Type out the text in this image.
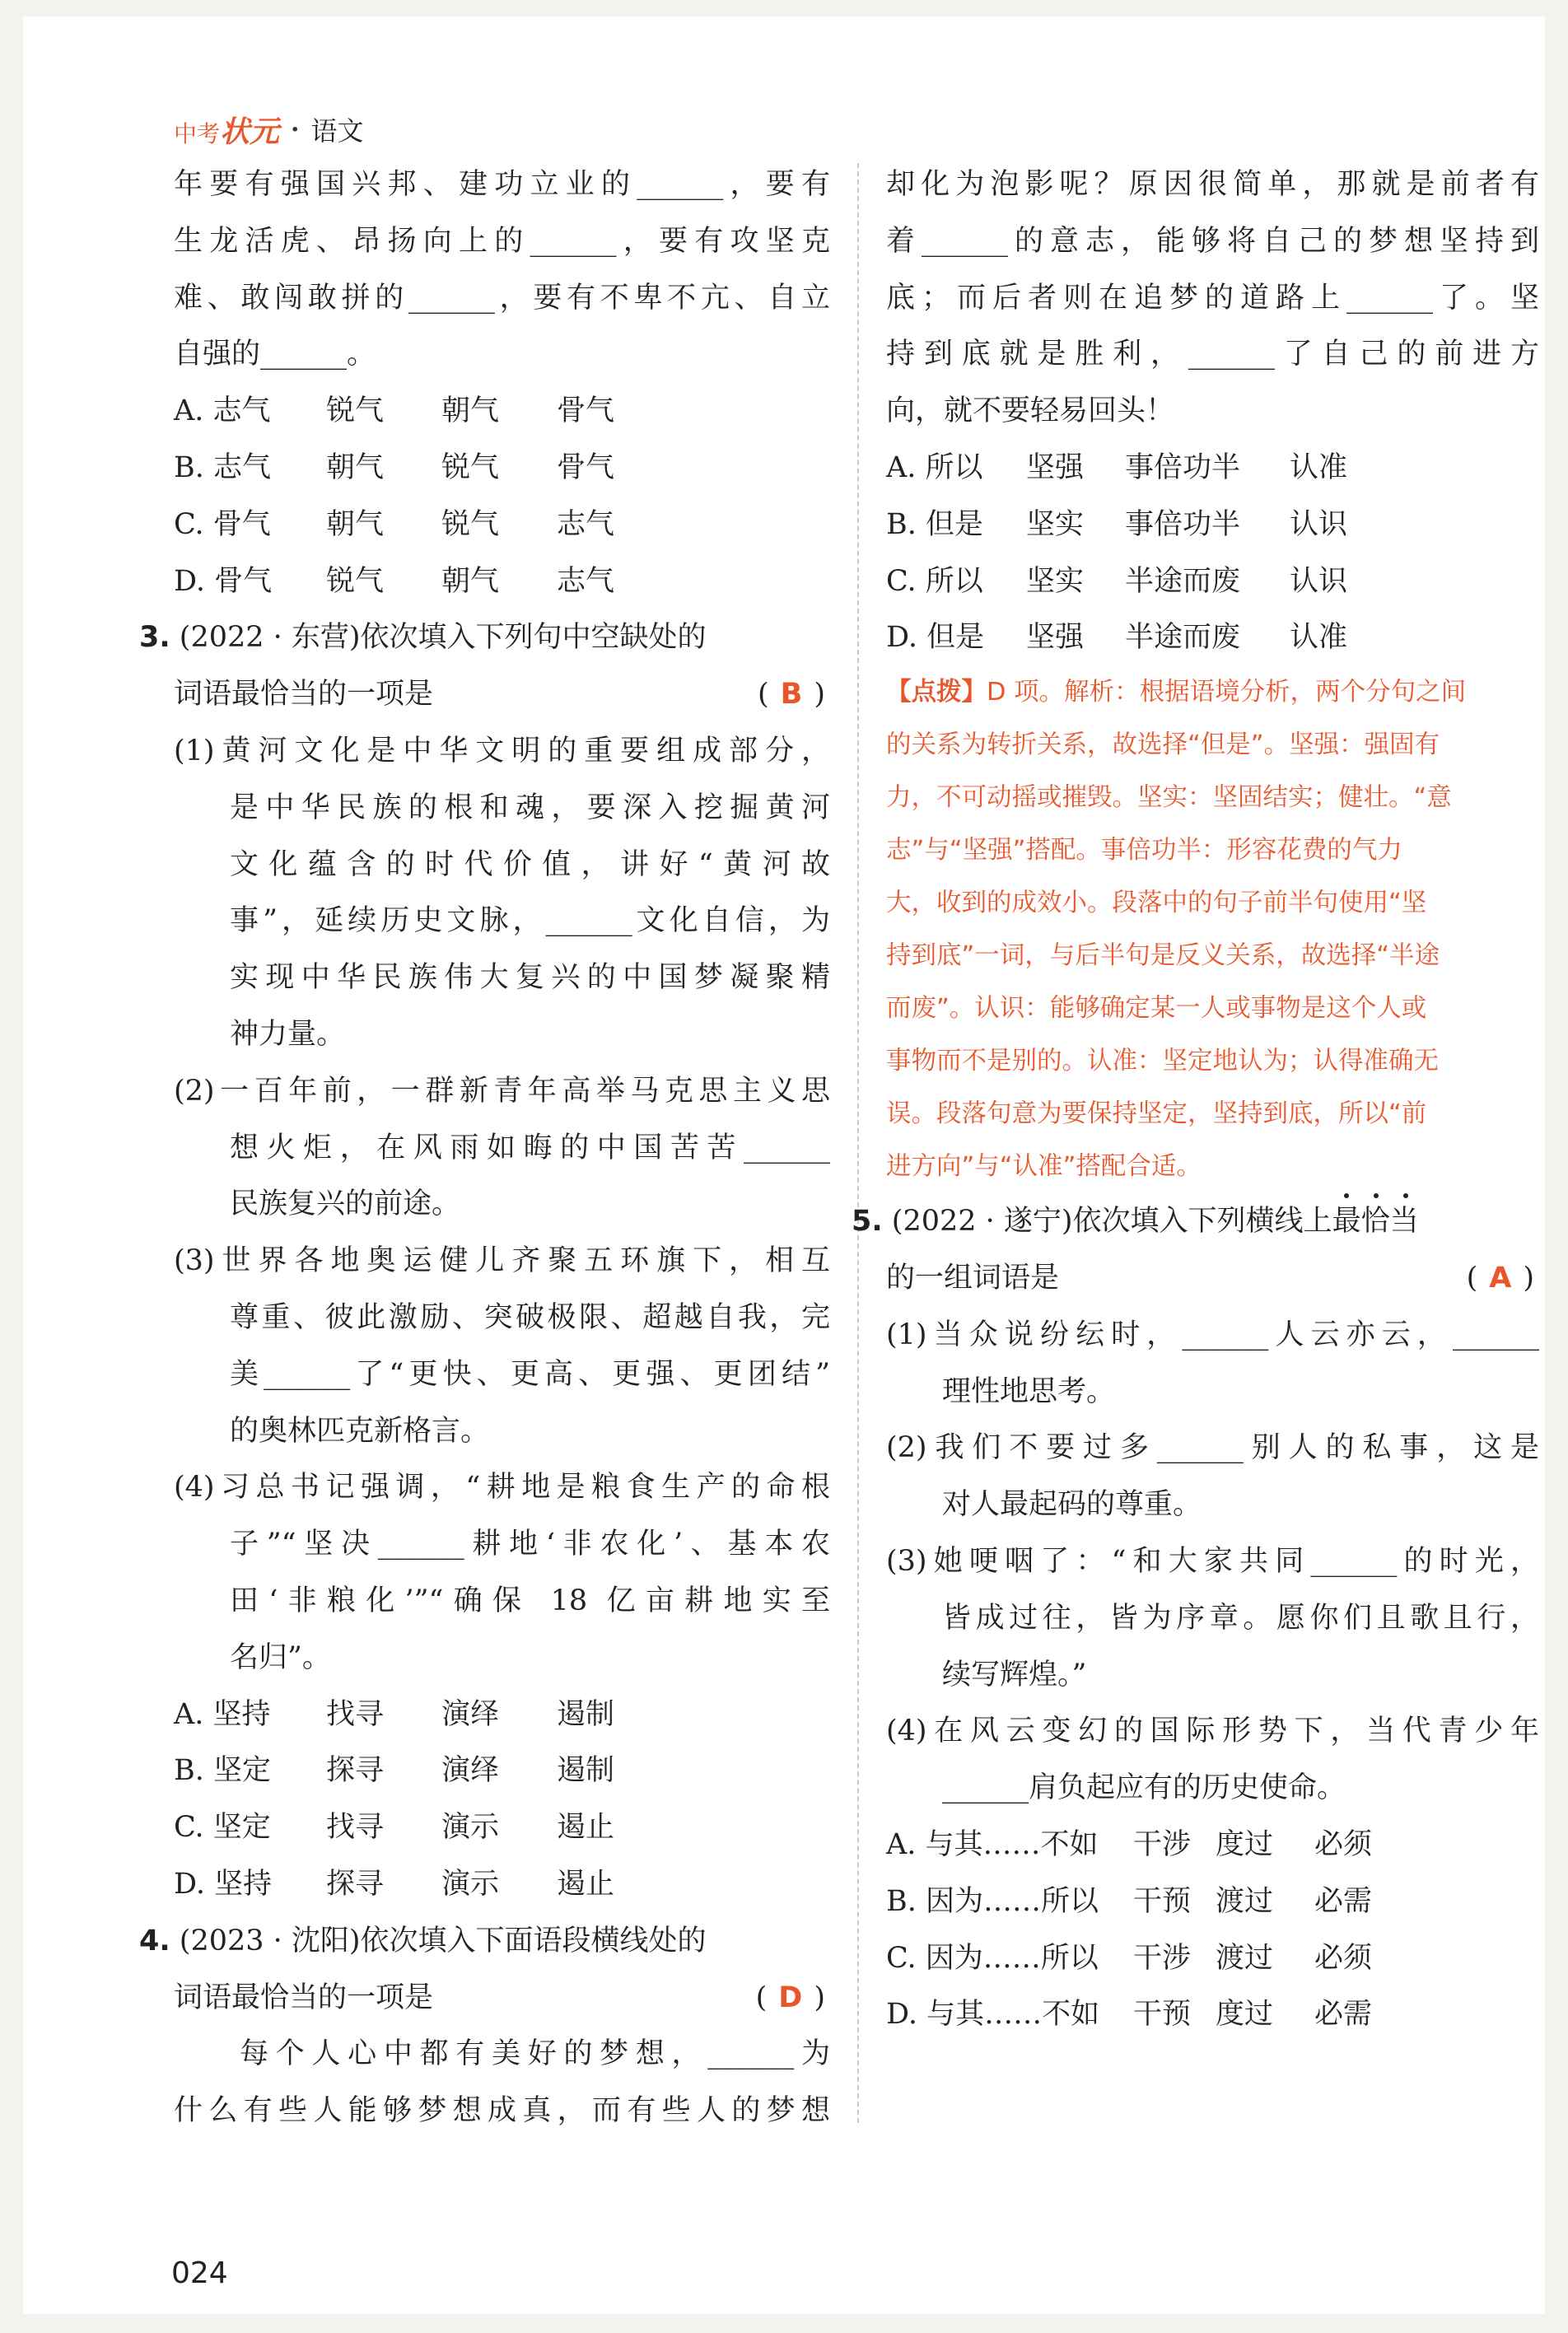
中考 状元 · 语文
年要有强国兴邦、建功立业的______，要有
生龙活虎、昂扬向上的______，要有攻坚克
难、敢闯敢拼的______，要有不卑不亢、自立
自强的______。
A. 志气 锐气 朝气 骨气
B. 志气 朝气 锐气 骨气
C. 骨气 朝气 锐气 志气
D. 骨气 锐气 朝气 志气
3. (2022 · 东营)依次填入下列句中空缺处的
词语最恰当的一项是	( B )
(1)黄河文化是中华文明的重要组成部分，
是中华民族的根和魂，要深入挖掘黄河
文化蕴含的时代价值，讲好“黄河故
事”，延续历史文脉，______文化自信，为
实现中华民族伟大复兴的中国梦凝聚精
神力量。
(2)一百年前，一群新青年高举马克思主义思
想火炬，在风雨如晦的中国苦苦______
民族复兴的前途。
(3)世界各地奥运健儿齐聚五环旗下，相互
尊重、彼此激励、突破极限、超越自我，完
美______了“更快、更高、更强、更团结”
的奥林匹克新格言。
(4)习总书记强调，“耕地是粮食生产的命根
子”“坚决______耕地‘非农化’、基本农
田‘非粮化’”“确保 18 亿亩耕地实至
名归”。
A. 坚持 找寻 演绎 遏制
B. 坚定 探寻 演绎 遏制
C. 坚定 找寻 演示 遏止
D. 坚持 探寻 演示 遏止
4. (2023 · 沈阳)依次填入下面语段横线处的
词语最恰当的一项是	( D )
每个人心中都有美好的梦想，______为
什么有些人能够梦想成真，而有些人的梦想
却化为泡影呢？原因很简单，那就是前者有
着______的意志，能够将自己的梦想坚持到
底；而后者则在追梦的道路上______了。坚
持到底就是胜利，______了自己的前进方
向，就不要轻易回头！
A. 所以 坚强 事倍功半 认准
B. 但是 坚实 事倍功半 认识
C. 所以 坚实 半途而废 认识
D. 但是 坚强 半途而废 认准
【点拨】D 项。解析：根据语境分析，两个分句之间
的关系为转折关系，故选择“但是”。坚强：强固有
力，不可动摇或摧毁。坚实：坚固结实；健壮。“意
志”与“坚强”搭配。事倍功半：形容花费的气力
大，收到的成效小。段落中的句子前半句使用“坚
持到底”一词，与后半句是反义关系，故选择“半途
而废”。认识：能够确定某一人或事物是这个人或
事物而不是别的。认准：坚定地认为；认得准确无
误。段落句意为要保持坚定，坚持到底，所以“前
进方向”与“认准”搭配合适。
5. (2022 · 遂宁)依次填入下列横线上最恰当
的一组词语是	( A )
(1)当众说纷纭时，______人云亦云，______
理性地思考。
(2)我们不要过多______别人的私事，这是
对人最起码的尊重。
(3)她哽咽了：“和大家共同______的时光，
皆成过往，皆为序章。愿你们且歌且行，
续写辉煌。”
(4)在风云变幻的国际形势下，当代青少年
______肩负起应有的历史使命。
A. 与其……不如 干涉 度过 必须
B. 因为……所以 干预 渡过 必需
C. 因为……所以 干涉 渡过 必须
D. 与其……不如 干预 度过 必需
024
